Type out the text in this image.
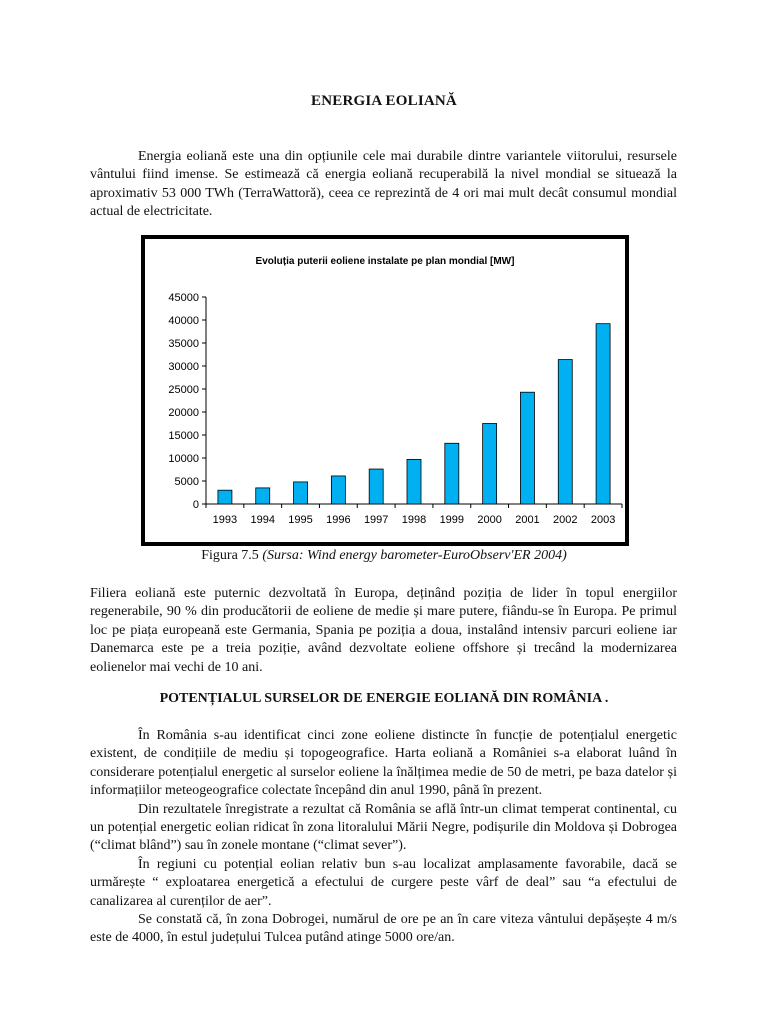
ENERGIA EOLIANĂ

Energia eoliană este una din opțiunile cele mai durabile dintre variantele viitorului, resursele vântului fiind imense. Se estimează că energia eoliană recuperabilă la nivel mondial se situează la aproximativ 53 000 TWh (TerraWattoră), ceea ce reprezintă de 4 ori mai mult decât consumul mondial actual de electricitate.

Evoluția puterii eoliene instalate pe plan mondial [MW]
0
5000
10000
15000
20000
25000
30000
35000
40000
45000
1993 1994 1995 1996 1997 1998 1999 2000 2001 2002 2003
Figura 7.5 (Sursa: Wind energy barometer-EuroObserv'ER 2004)

Filiera eoliană este puternic dezvoltată în Europa, deținând poziția de lider în topul energiilor regenerabile, 90 % din producătorii de eoliene de medie și mare putere, fiându-se în Europa. Pe primul loc pe piața europeană este Germania, Spania pe poziția a doua, instalând intensiv parcuri eoliene iar Danemarca este pe a treia poziție, având dezvoltate eoliene offshore și trecând la modernizarea eolienelor mai vechi de 10 ani.

POTENȚIALUL SURSELOR DE ENERGIE EOLIANĂ DIN ROMÂNIA .

În România s-au identificat cinci zone eoliene distincte în funcție de potențialul energetic existent, de condițiile de mediu și topogeografice. Harta eoliană a României s-a elaborat luând în considerare potențialul energetic al surselor eoliene la înălțimea medie de 50 de metri, pe baza datelor și informațiilor meteogeografice colectate începând din anul 1990, până în prezent.

Din rezultatele înregistrate a rezultat că România se află într-un climat temperat continental, cu un potențial energetic eolian ridicat în zona litoralului Mării Negre, podișurile din Moldova și Dobrogea (“climat blând”) sau în zonele montane (“climat sever”).

În regiuni cu potențial eolian relativ bun s-au localizat amplasamente favorabile, dacă se urmărește “ exploatarea energetică a efectului de curgere peste vârf de deal” sau “a efectului de canalizarea al curenților de aer”.

Se constată că, în zona Dobrogei, numărul de ore pe an în care viteza vântului depășește 4 m/s este de 4000, în estul județului Tulcea putând atinge 5000 ore/an.
